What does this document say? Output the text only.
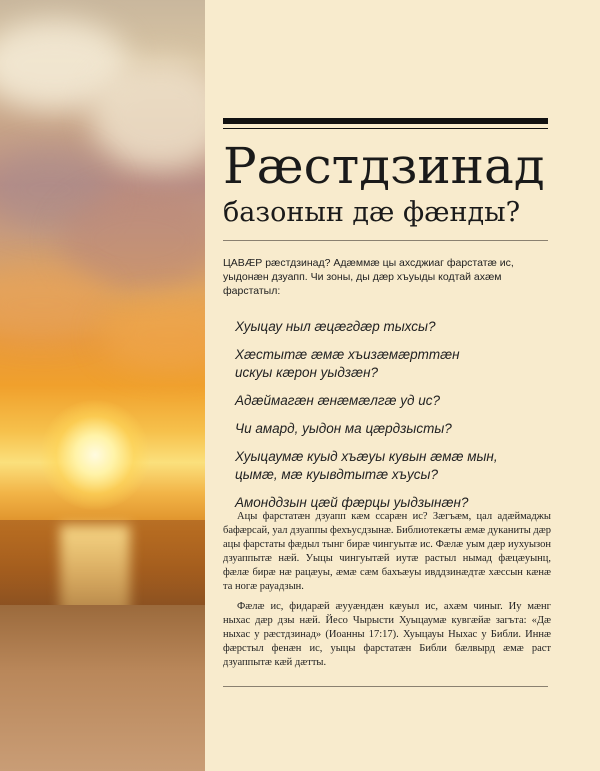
Рæстдзинад
базонын дæ фæнды?

ЦАВÆР рæстдзинад? Адæммæ цы ахсджиаг фарстатæ ис, уыдонæн дзуапп. Чи зоны, ды дæр хъуыды кодтай ахæм фарстатыл:

Хуыцау ныл æцæгдæр тыхсы?
Хæстытæ æмæ хъизæмæрттæн
искуы кæрон уыдзæн?
Адæймагæн æнæмæлгæ уд ис?
Чи амард, уыдон ма цæрдзысты?
Хуыцаумæ куыд хъæуы кувын æмæ мын,
цымæ, мæ куывдтытæ хъусы?
Амонддзын цæй фæрцы уыдзынæн?

Ацы фарстатæн дзуапп кæм ссарæн ис? Зæгъæм, цал адæймаджы бафæрсай, уал дзуаппы фехъусдзынæ. Библиотекæты æмæ дуканиты дæр ацы фарстаты фæдыл тынг бирæ чингуытæ ис. Фæлæ уым дæр иухуызон дзуаппытæ нæй. Уыцы чингуытæй иутæ растыл нымад фæцæуынц, фæлæ бирæ нæ рацæуы, æмæ сæм бахъæуы ивддзинæдтæ хæссын кæнæ та ногæ рауадзын.

Фæлæ ис, фидарæй æууæндæн кæуыл ис, ахæм чиныг. Иу мæнг ныхас дæр дзы нæй. Йесо Чырысти Хуыцаумæ кувгæйæ загъта: «Дæ ныхас у рæстдзинад» (Иоанны 17:17). Хуыцауы Ныхас у Библи. Иннæ фæрстыл фенæн ис, уыцы фарстатæн Библи бæлвырд æмæ раст дзуаппытæ кæй дæтты.
